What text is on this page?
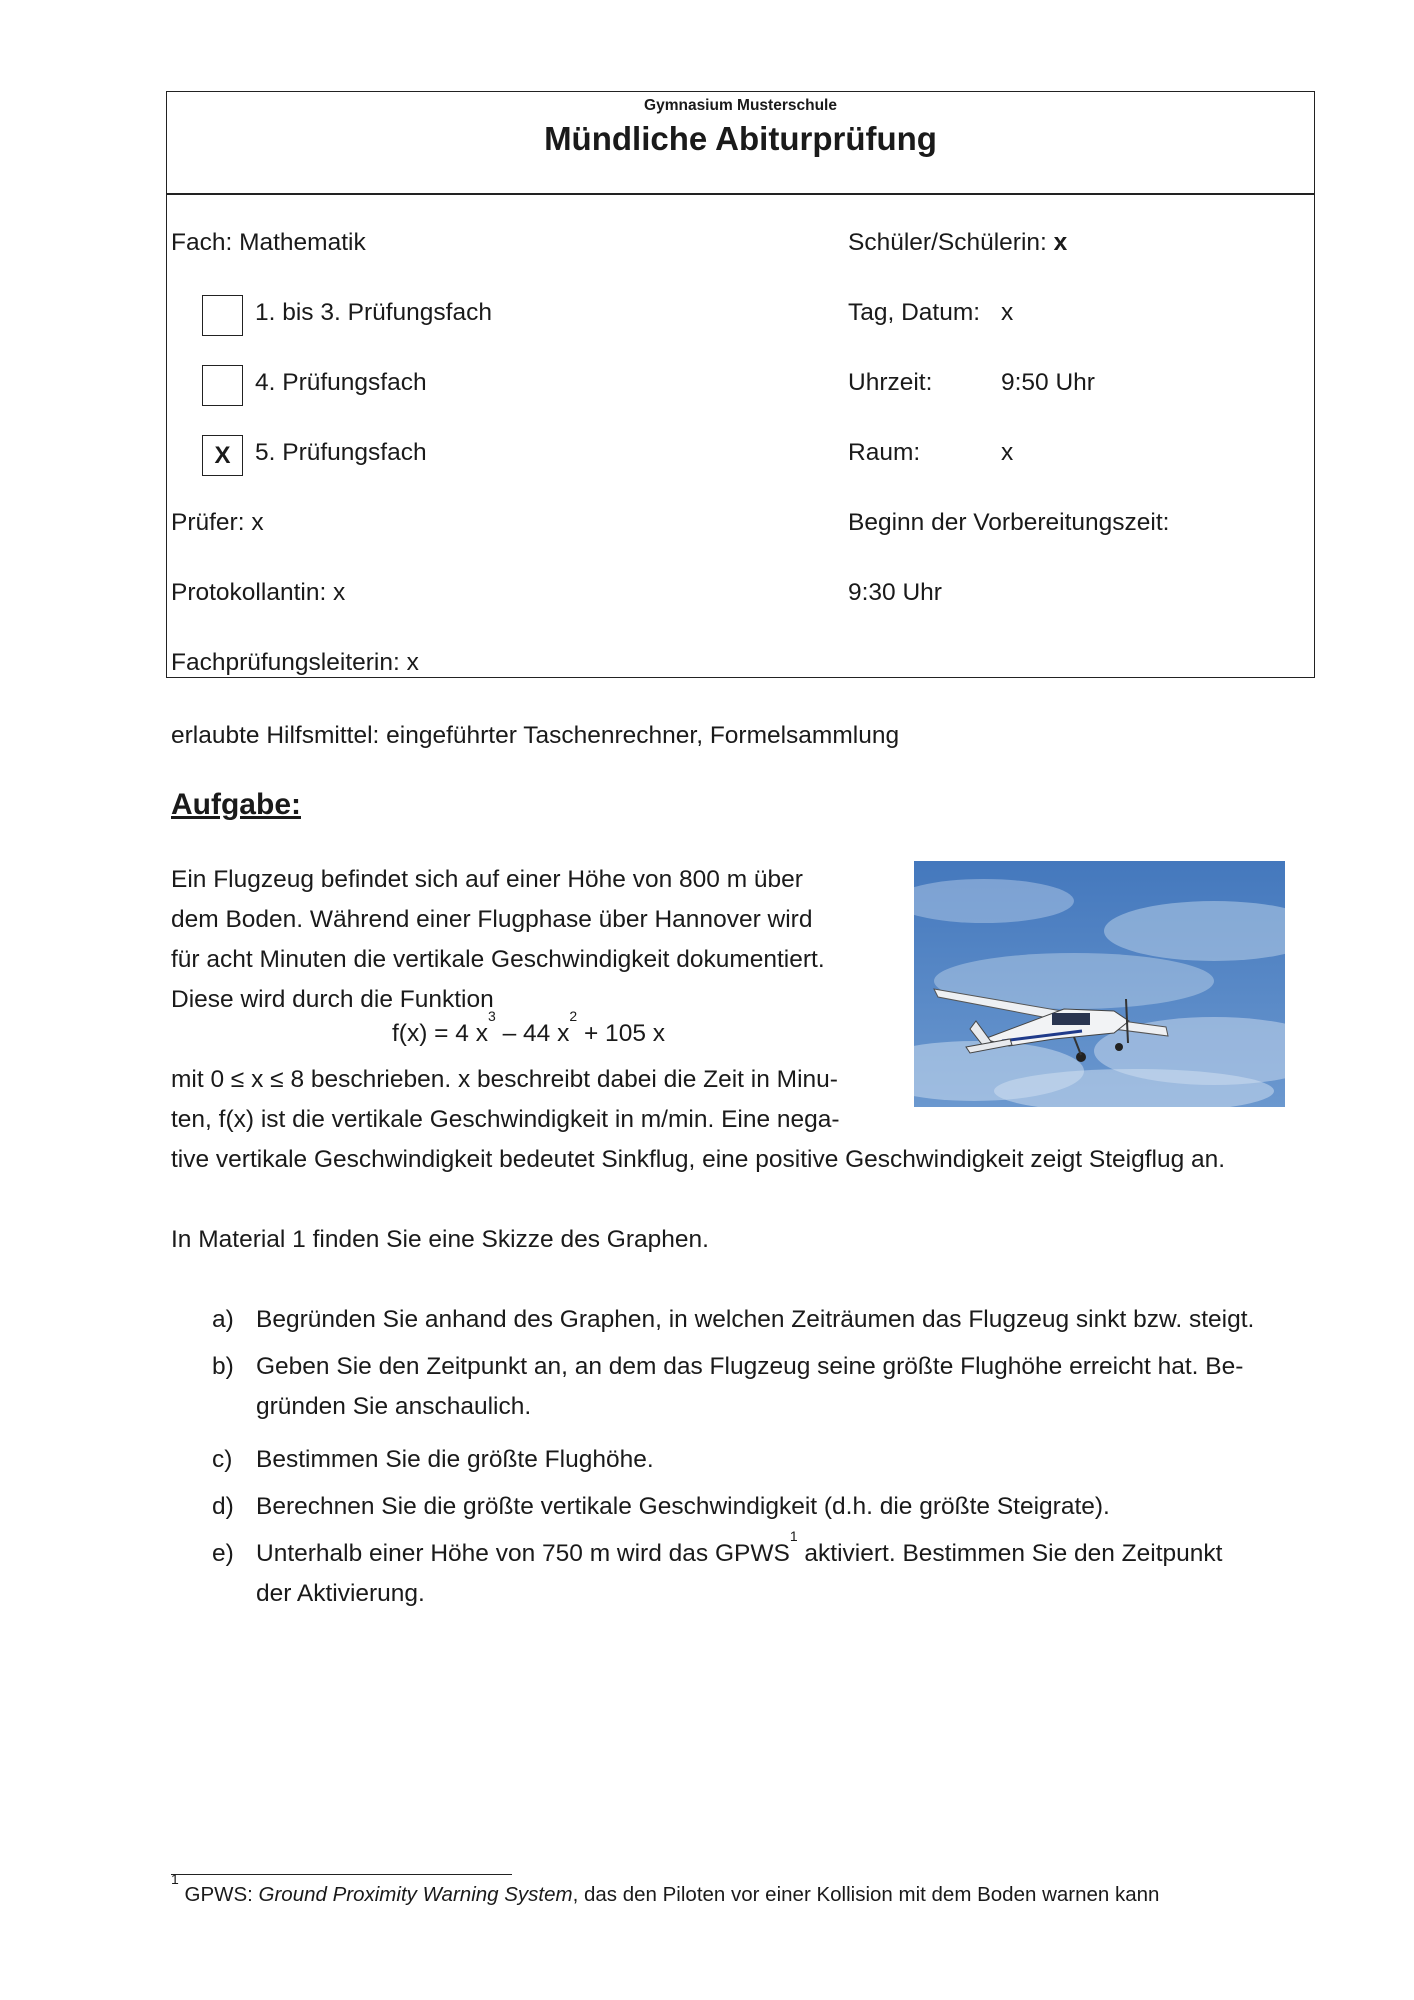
Gymnasium Musterschule
Mündliche Abiturprüfung
Fach: Mathematik
1. bis 3. Prüfungsfach
4. Prüfungsfach
X	5. Prüfungsfach
Prüfer: x
Protokollantin: x
Fachprüfungsleiterin: x
Schüler/Schülerin: x
Tag, Datum: x
Uhrzeit:	9:50 Uhr
Raum:	x
Beginn der Vorbereitungszeit:
9:30 Uhr
erlaubte Hilfsmittel: eingeführter Taschenrechner, Formelsammlung
Aufgabe:
Ein Flugzeug befindet sich auf einer Höhe von 800 m über
dem Boden. Während einer Flugphase über Hannover wird
für acht Minuten die vertikale Geschwindigkeit dokumentiert.
Diese wird durch die Funktion
f(x) = 4 $x^3 - 44$ $x^2 + 105$ x
mit 0 ≤ x ≤ 8 beschrieben. x beschreibt dabei die Zeit in Minu-
ten, f(x) ist die vertikale Geschwindigkeit in m/min. Eine nega-
tive vertikale Geschwindigkeit bedeutet Sinkflug, eine positive Geschwindigkeit zeigt Steigflug an.
In Material 1 finden Sie eine Skizze des Graphen.
a) Begründen Sie anhand des Graphen, in welchen Zeiträumen das Flugzeug sinkt bzw. steigt.
b) Geben Sie den Zeitpunkt an, an dem das Flugzeug seine größte Flughöhe erreicht hat. Be-
gründen Sie anschaulich.
c) Bestimmen Sie die größte Flughöhe.
d) Berechnen Sie die größte vertikale Geschwindigkeit (d.h. die größte Steigrate).
e) Unterhalb einer Höhe von 750 m wird das GPWS$^1$ aktiviert. Bestimmen Sie den Zeitpunkt
der Aktivierung.
$^1$ GPWS: Ground Proximity Warning System, das den Piloten vor einer Kollision mit dem Boden warnen kann
